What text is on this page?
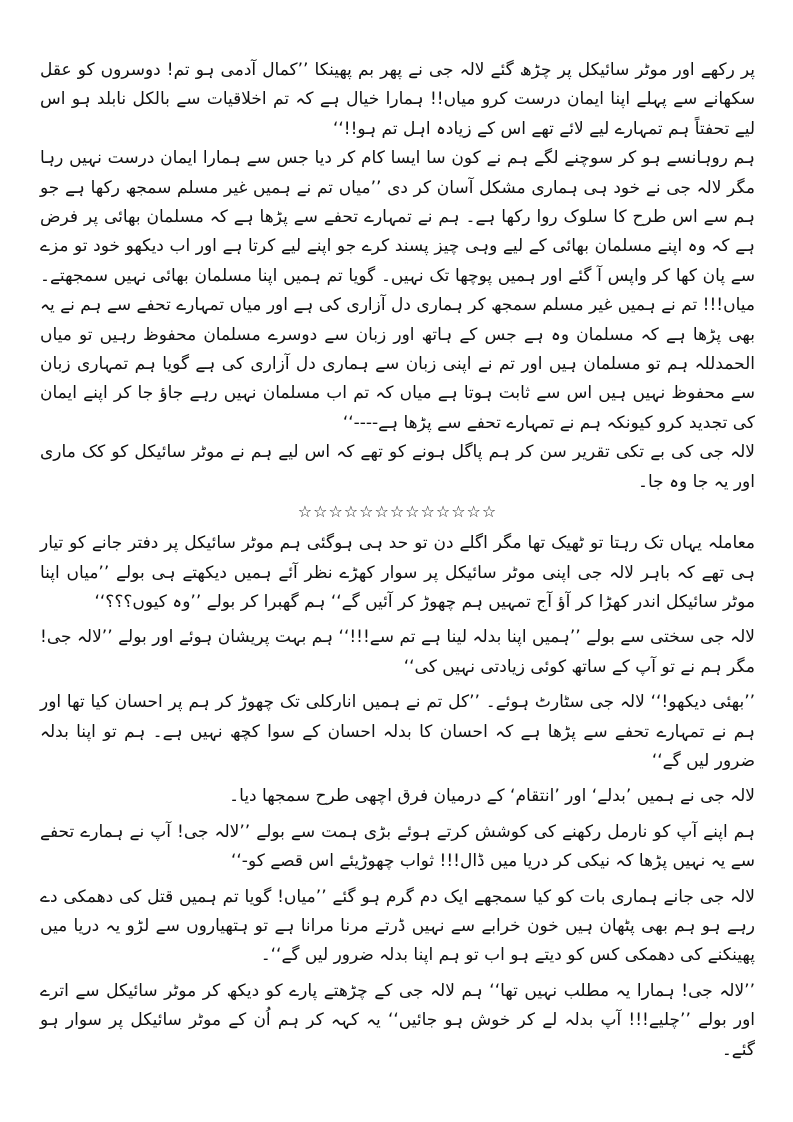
پر رکھے اور موٹر سائیکل پر چڑھ گئے لالہ جی نے پھر بم پھینکا ’’کمال آدمی ہو تم! دوسروں کو عقل سکھانے سے پہلے اپنا ایمان درست کرو میاں!! ہمارا خیال ہے کہ تم اخلاقیات سے بالکل نابلد ہو اس لیے تحفتاً ہم تمہارے لیے لائے تھے اس کے زیادہ اہل تم ہو!!‘‘

ہم روہانسے ہو کر سوچنے لگے ہم نے کون سا ایسا کام کر دیا جس سے ہمارا ایمان درست نہیں رہا مگر لالہ جی نے خود ہی ہماری مشکل آسان کر دی ’’میاں تم نے ہمیں غیر مسلم سمجھ رکھا ہے جو ہم سے اس طرح کا سلوک روا رکھا ہے۔ ہم نے تمہارے تحفے سے پڑھا ہے کہ مسلمان بھائی پر فرض ہے کہ وہ اپنے مسلمان بھائی کے لیے وہی چیز پسند کرے جو اپنے لیے کرتا ہے اور اب دیکھو خود تو مزے سے پان کھا کر واپس آ گئے اور ہمیں پوچھا تک نہیں۔ گویا تم ہمیں اپنا مسلمان بھائی نہیں سمجھتے۔ میاں!!! تم نے ہمیں غیر مسلم سمجھ کر ہماری دل آزاری کی ہے اور میاں تمہارے تحفے سے ہم نے یہ بھی پڑھا ہے کہ مسلمان وہ ہے جس کے ہاتھ اور زبان سے دوسرے مسلمان محفوظ رہیں تو میاں الحمدللہ ہم تو مسلمان ہیں اور تم نے اپنی زبان سے ہماری دل آزاری کی ہے گویا ہم تمہاری زبان سے محفوظ نہیں ہیں اس سے ثابت ہوتا ہے میاں کہ تم اب مسلمان نہیں رہے جاؤ جا کر اپنے ایمان کی تجدید کرو کیونکہ ہم نے تمہارے تحفے سے پڑھا ہے----‘‘

لالہ جی کی بے تکی تقریر سن کر ہم پاگل ہونے کو تھے کہ اس لیے ہم نے موٹر سائیکل کو کک ماری اور یہ جا وہ جا۔

☆☆☆☆☆☆☆☆☆☆☆☆☆

معاملہ یہاں تک رہتا تو ٹھیک تھا مگر اگلے دن تو حد ہی ہوگئی ہم موٹر سائیکل پر دفتر جانے کو تیار ہی تھے کہ باہر لالہ جی اپنی موٹر سائیکل پر سوار کھڑے نظر آئے ہمیں دیکھتے ہی بولے ’’میاں اپنا موٹر سائیکل اندر کھڑا کر آؤ آج تمہیں ہم چھوڑ کر آئیں گے‘‘ ہم گھبرا کر بولے ’’وہ کیوں؟؟؟‘‘

لالہ جی سختی سے بولے ’’ہمیں اپنا بدلہ لینا ہے تم سے!!!‘‘ ہم بہت پریشان ہوئے اور بولے ’’لالہ جی! مگر ہم نے تو آپ کے ساتھ کوئی زیادتی نہیں کی‘‘

’’بھئی دیکھو!‘‘ لالہ جی سٹارٹ ہوئے۔ ’’کل تم نے ہمیں انارکلی تک چھوڑ کر ہم پر احسان کیا تھا اور ہم نے تمہارے تحفے سے پڑھا ہے کہ احسان کا بدلہ احسان کے سوا کچھ نہیں ہے۔ ہم تو اپنا بدلہ ضرور لیں گے‘‘

لالہ جی نے ہمیں ’بدلے‘ اور ’انتقام‘ کے درمیان فرق اچھی طرح سمجھا دیا۔

ہم اپنے آپ کو نارمل رکھنے کی کوشش کرتے ہوئے بڑی ہمت سے بولے ’’لالہ جی! آپ نے ہمارے تحفے سے یہ نہیں پڑھا کہ نیکی کر دریا میں ڈال!!! ثواب چھوڑیئے اس قصے کو-‘‘

لالہ جی جانے ہماری بات کو کیا سمجھے ایک دم گرم ہو گئے ’’میاں! گویا تم ہمیں قتل کی دھمکی دے رہے ہو ہم بھی پٹھان ہیں خون خرابے سے نہیں ڈرتے مرنا مرانا ہے تو ہتھیاروں سے لڑو یہ دریا میں پھینکنے کی دھمکی کس کو دیتے ہو اب تو ہم اپنا بدلہ ضرور لیں گے‘‘۔

’’لالہ جی! ہمارا یہ مطلب نہیں تھا‘‘ ہم لالہ جی کے چڑھتے پارے کو دیکھ کر موٹر سائیکل سے اترے اور بولے ’’چلیے!!! آپ بدلہ لے کر خوش ہو جائیں‘‘ یہ کہہ کر ہم اُن کے موٹر سائیکل پر سوار ہو گئے۔
